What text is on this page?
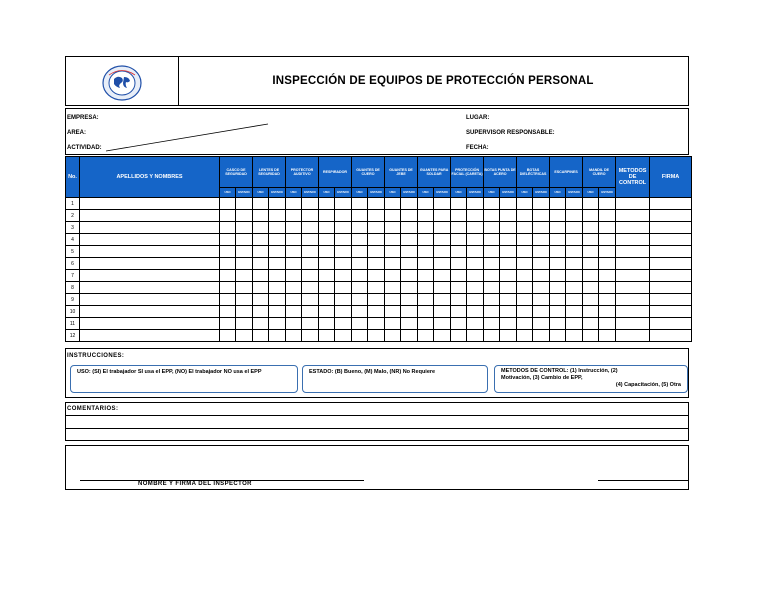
INSPECCIÓN DE EQUIPOS DE PROTECCIÓN PERSONAL
EMPRESA:
AREA:
ACTIVIDAD:
LUGAR:
SUPERVISOR RESPONSABLE:
FECHA:
No.	APELLIDOS Y NOMBRES	CASCO DE SEGURIDAD		LENTES DE SEGURIDAD		PROTECTOR AUDITIVO		RESPIRADOR		GUANTES DE CUERO		GUANTES DE JEBE		GUANTES PARA SOLDAR		PROTECCIÓN FACIAL (CARETA)		BOTAS PUNTA DE ACERO		BOTAS DIELÉCTRICAS		ESCARPINES		MANDIL DE CUERO		METODOS DE CONTROL	FIRMA
		USO	ESTADO	USO	ESTADO	USO	ESTADO	USO	ESTADO	USO	ESTADO	USO	ESTADO	USO	ESTADO	USO	ESTADO	USO	ESTADO	USO	ESTADO	USO	ESTADO	USO	ESTADO		
1																											
2																											
3																											
4																											
5																											
6																											
7																											
8																											
9																											
10																											
11																											
12																											
INSTRUCCIONES:
USO: (SI) El trabajador SI usa el EPP, (NO) El trabajador NO usa el EPP	ESTADO: (B) Bueno, (M) Malo, (NR) No Requiere	METODOS DE CONTROL: (1) Instrucción, (2)
Motivación, (3) Cambio de EPP,
(4) Capacitación, (5) Otra
COMENTARIOS:
NOMBRE Y FIRMA DEL INSPECTOR
